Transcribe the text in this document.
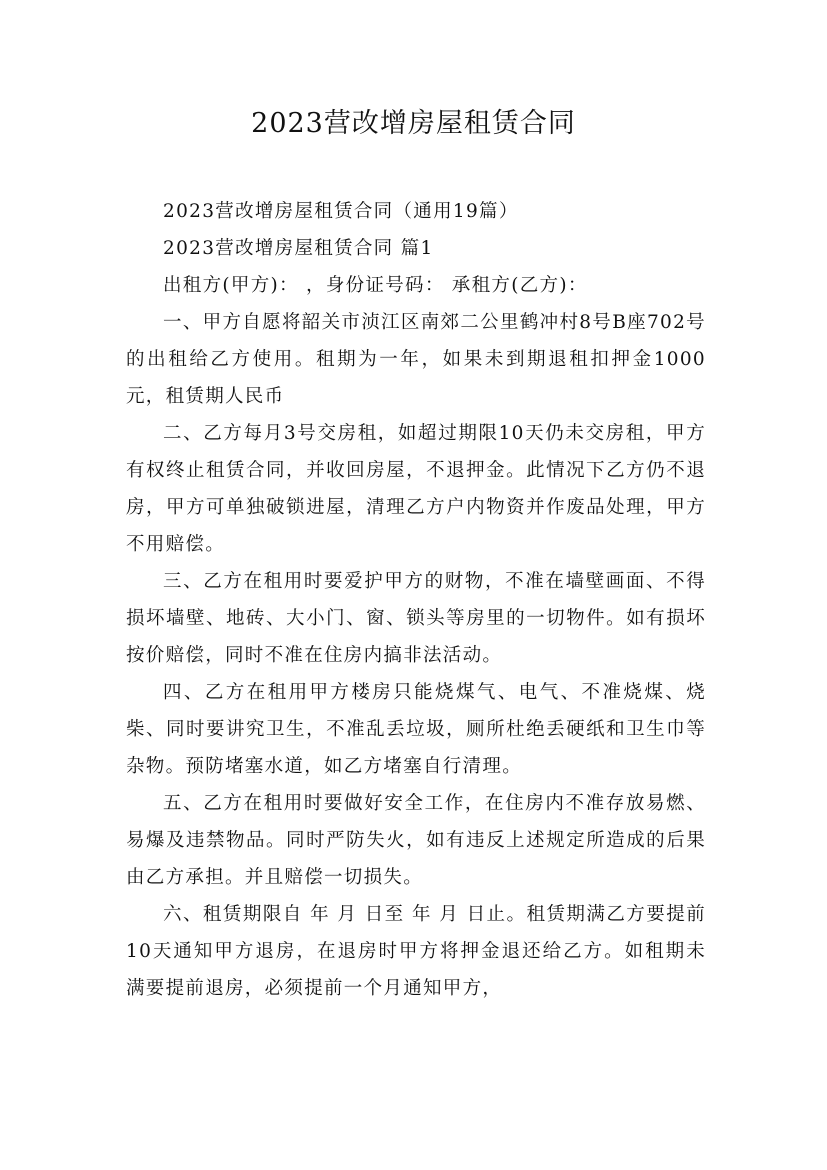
2023营改增房屋租赁合同

2023营改增房屋租赁合同（通用19篇）

2023营改增房屋租赁合同 篇1

出租方(甲方)： ，身份证号码： 承租方(乙方)：

一、甲方自愿将韶关市浈江区南郊二公里鹤冲村8号B座702号的出租给乙方使用。租期为一年，如果未到期退租扣押金1000元，租赁期人民币

二、乙方每月3号交房租，如超过期限10天仍未交房租，甲方有权终止租赁合同，并收回房屋，不退押金。此情况下乙方仍不退房，甲方可单独破锁进屋，清理乙方户内物资并作废品处理，甲方不用赔偿。

三、乙方在租用时要爱护甲方的财物，不准在墙壁画面、不得损坏墙壁、地砖、大小门、窗、锁头等房里的一切物件。如有损坏按价赔偿，同时不准在住房内搞非法活动。

四、乙方在租用甲方楼房只能烧煤气、电气、不准烧煤、烧柴、同时要讲究卫生，不准乱丢垃圾，厕所杜绝丢硬纸和卫生巾等杂物。预防堵塞水道，如乙方堵塞自行清理。

五、乙方在租用时要做好安全工作，在住房内不准存放易燃、易爆及违禁物品。同时严防失火，如有违反上述规定所造成的后果由乙方承担。并且赔偿一切损失。

六、租赁期限自 年 月 日至 年 月 日止。租赁期满乙方要提前10天通知甲方退房，在退房时甲方将押金退还给乙方。如租期未满要提前退房，必须提前一个月通知甲方，
